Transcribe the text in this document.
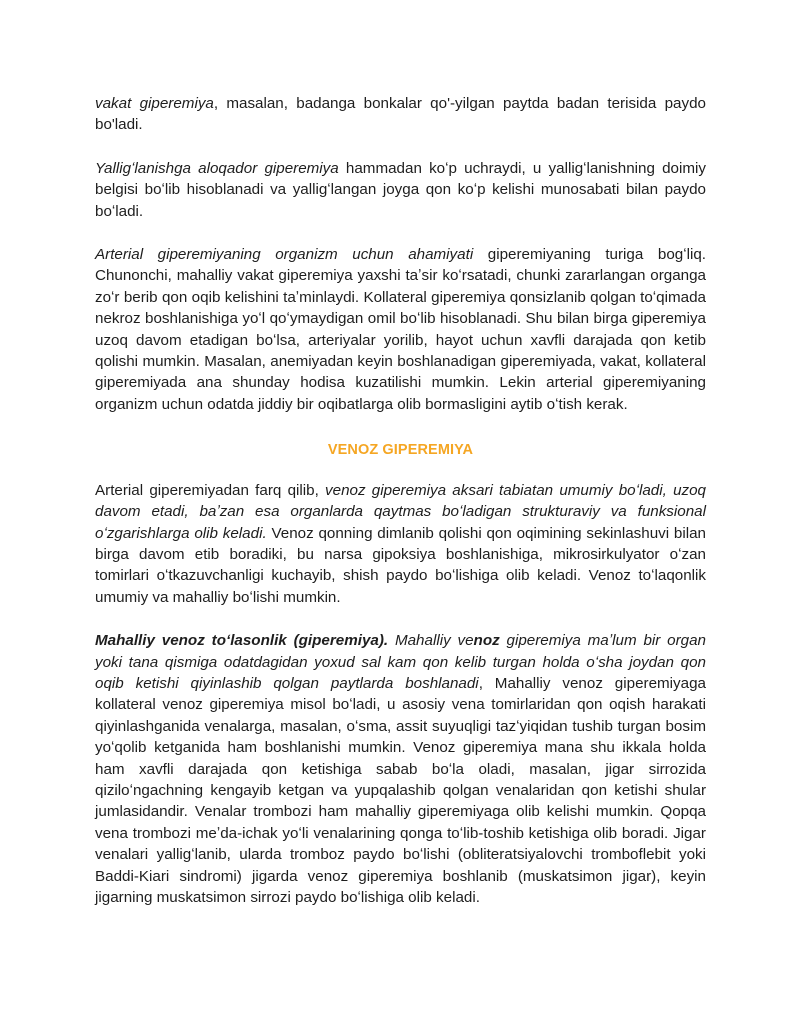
vakat giperemiya, masalan, badanga bonkalar qo'-yilgan paytda badan terisida paydo bo'ladi.

Yalligʻlanishga aloqador giperemiya hammadan koʻp uchraydi, u yalligʻlanishning doimiy belgisi boʻlib hisoblanadi va yalligʻlangan joyga qon koʻp kelishi munosabati bilan paydo boʻladi.

Arterial giperemiyaning organizm uchun ahamiyati giperemiyaning turiga bogʻliq. Chunonchi, mahalliy vakat giperemiya yaxshi taʼsir koʻrsatadi, chunki zararlangan organga zoʻr berib qon oqib kelishini taʼminlaydi. Kollateral giperemiya qonsizlanib qolgan toʻqimada nekroz boshlanishiga yoʻl qoʻymaydigan omil boʻlib hisoblanadi. Shu bilan birga giperemiya uzoq davom etadigan boʻlsa, arteriyalar yorilib, hayot uchun xavfli darajada qon ketib qolishi mumkin. Masalan, anemiyadan keyin boshlanadigan giperemiyada, vakat, kollateral giperemiyada ana shunday hodisa kuzatilishi mumkin. Lekin arterial giperemiyaning organizm uchun odatda jiddiy bir oqibatlarga olib bormasligini aytib oʻtish kerak.

VENOZ GIPEREMIYA

Arterial giperemiyadan farq qilib, venoz giperemiya aksari tabiatan umumiy boʻladi, uzoq davom etadi, baʼzan esa organlarda qaytmas boʻladigan strukturaviy va funksional oʻzgarishlarga olib keladi. Venoz qonning dimlanib qolishi qon oqimining sekinlashuvi bilan birga davom etib boradiki, bu narsa gipoksiya boshlanishiga, mikrosirkulyator oʻzan tomirlari oʻtkazuvchanligi kuchayib, shish paydo boʻlishiga olib keladi. Venoz toʻlaqonlik umumiy va mahalliy boʻlishi mumkin.

Mahalliy venoz toʻlasonlik (giperemiya). Mahalliy venoz giperemiya maʼlum bir organ yoki tana qismiga odatdagidan yoxud sal kam qon kelib turgan holda oʻsha joydan qon oqib ketishi qiyinlashib qolgan paytlarda boshlanadi, Mahalliy venoz giperemiyaga kollateral venoz giperemiya misol boʻladi, u asosiy vena tomirlaridan qon oqish harakati qiyinlashganida venalarga, masalan, oʻsma, assit suyuqligi tazʻyiqidan tushib turgan bosim yoʻqolib ketganida ham boshlanishi mumkin. Venoz giperemiya mana shu ikkala holda ham xavfli darajada qon ketishiga sabab boʻla oladi, masalan, jigar sirrozida qiziloʻngachning kengayib ketgan va yupqalashib qolgan venalaridan qon ketishi shular jumlasidandir. Venalar trombozi ham mahalliy giperemiyaga olib kelishi mumkin. Qopqa vena trombozi meʼda-ichak yoʻli venalarining qonga toʻlib-toshib ketishiga olib boradi. Jigar venalari yalligʻlanib, ularda tromboz paydo boʻlishi (obliteratsiyalovchi tromboflebit yoki Baddi-Kiari sindromi) jigarda venoz giperemiya boshlanib (muskatsimon jigar), keyin jigarning muskatsimon sirrozi paydo boʻlishiga olib keladi.
